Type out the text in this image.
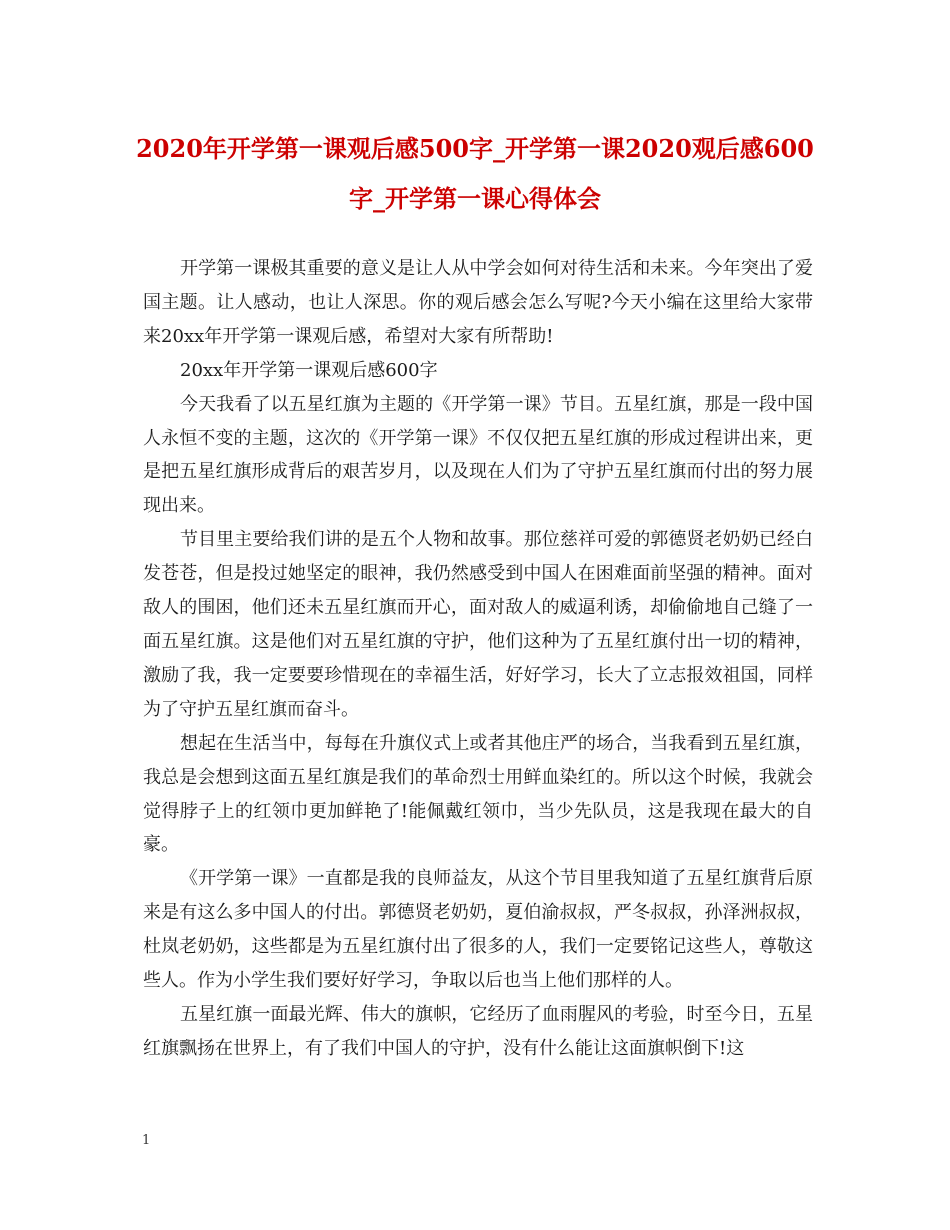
2020年开学第一课观后感500字_开学第一课2020观后感600字_开学第一课心得体会

开学第一课极其重要的意义是让人从中学会如何对待生活和未来。今年突出了爱国主题。让人感动，也让人深思。你的观后感会怎么写呢?今天小编在这里给大家带来20xx年开学第一课观后感，希望对大家有所帮助!

20xx年开学第一课观后感600字

今天我看了以五星红旗为主题的《开学第一课》节目。五星红旗，那是一段中国人永恒不变的主题，这次的《开学第一课》不仅仅把五星红旗的形成过程讲出来，更是把五星红旗形成背后的艰苦岁月，以及现在人们为了守护五星红旗而付出的努力展现出来。

节目里主要给我们讲的是五个人物和故事。那位慈祥可爱的郭德贤老奶奶已经白发苍苍，但是投过她坚定的眼神，我仍然感受到中国人在困难面前坚强的精神。面对敌人的围困，他们还未五星红旗而开心，面对敌人的威逼利诱，却偷偷地自己缝了一面五星红旗。这是他们对五星红旗的守护，他们这种为了五星红旗付出一切的精神，激励了我，我一定要要珍惜现在的幸福生活，好好学习，长大了立志报效祖国，同样为了守护五星红旗而奋斗。

想起在生活当中，每每在升旗仪式上或者其他庄严的场合，当我看到五星红旗，我总是会想到这面五星红旗是我们的革命烈士用鲜血染红的。所以这个时候，我就会觉得脖子上的红领巾更加鲜艳了!能佩戴红领巾，当少先队员，这是我现在最大的自豪。

《开学第一课》一直都是我的良师益友，从这个节目里我知道了五星红旗背后原来是有这么多中国人的付出。郭德贤老奶奶，夏伯渝叔叔，严冬叔叔，孙泽洲叔叔，杜岚老奶奶，这些都是为五星红旗付出了很多的人，我们一定要铭记这些人，尊敬这些人。作为小学生我们要好好学习，争取以后也当上他们那样的人。

五星红旗一面最光辉、伟大的旗帜，它经历了血雨腥风的考验，时至今日，五星红旗飘扬在世界上，有了我们中国人的守护，没有什么能让这面旗帜倒下!这

1
